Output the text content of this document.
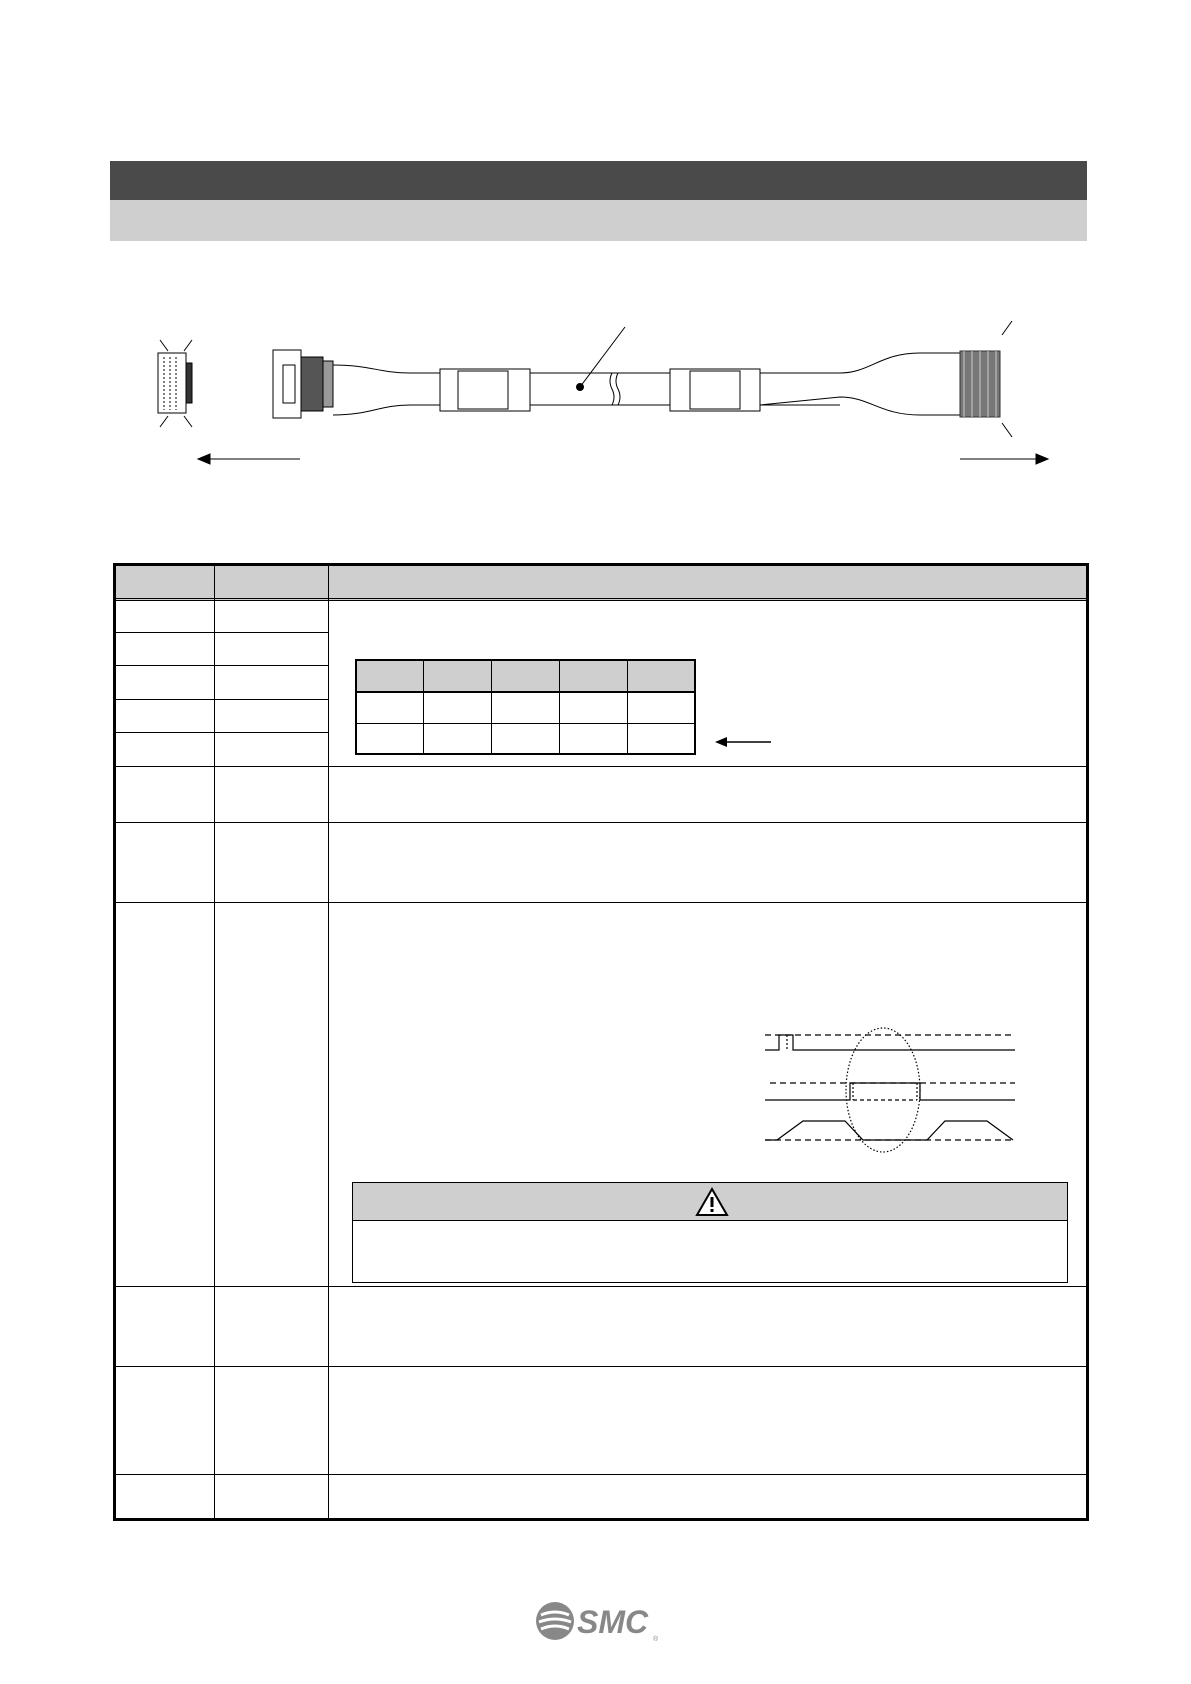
SMC ®
